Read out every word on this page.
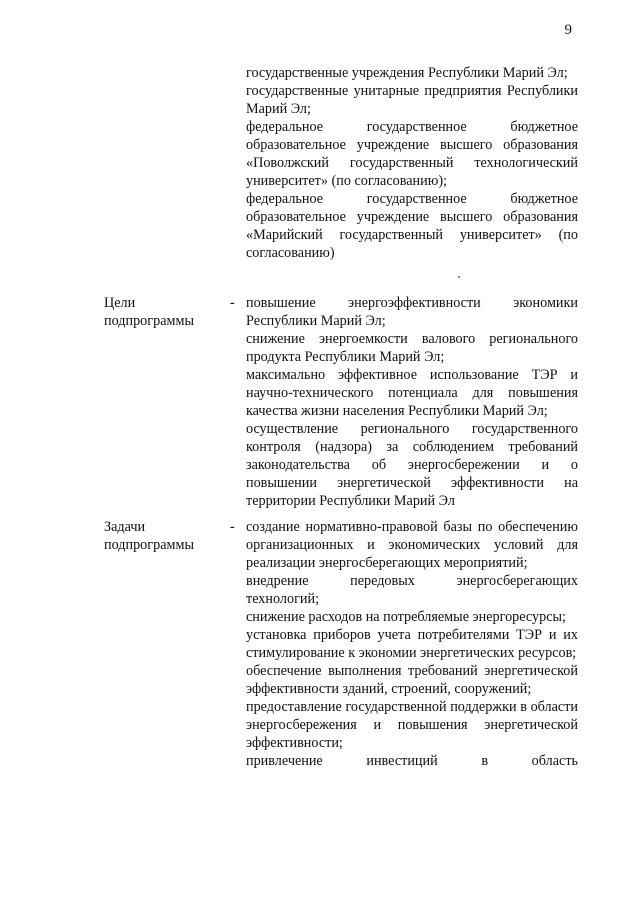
9

государственные учреждения Республики Марий Эл;

государственные унитарные предприятия Республики Марий Эл;

федеральное государственное бюджетное образовательное учреждение высшего образования «Поволжский государственный технологический университет» (по согласованию);

федеральное государственное бюджетное образовательное учреждение высшего образования «Марийский государственный университет» (по согласованию)

Цели
подпрограммы
- повышение энергоэффективности экономики Республики Марий Эл;

снижение энергоемкости валового регионального продукта Республики Марий Эл;

максимально эффективное использование ТЭР и научно-технического потенциала для повышения качества жизни населения Республики Марий Эл;

осуществление регионального государственного контроля (надзора) за соблюдением требований законодательства об энергосбережении и о повышении энергетической эффективности на территории Республики Марий Эл

Задачи
подпрограммы
- создание нормативно-правовой базы по обеспечению организационных и экономических условий для реализации энергосберегающих мероприятий;

внедрение передовых энергосберегающих технологий;

снижение расходов на потребляемые энергоресурсы;

установка приборов учета потребителями ТЭР и их стимулирование к экономии энергетических ресурсов;

обеспечение выполнения требований энергетической эффективности зданий, строений, сооружений;

предоставление государственной поддержки в области энергосбережения и повышения энергетической эффективности;

привлечение инвестиций в область
